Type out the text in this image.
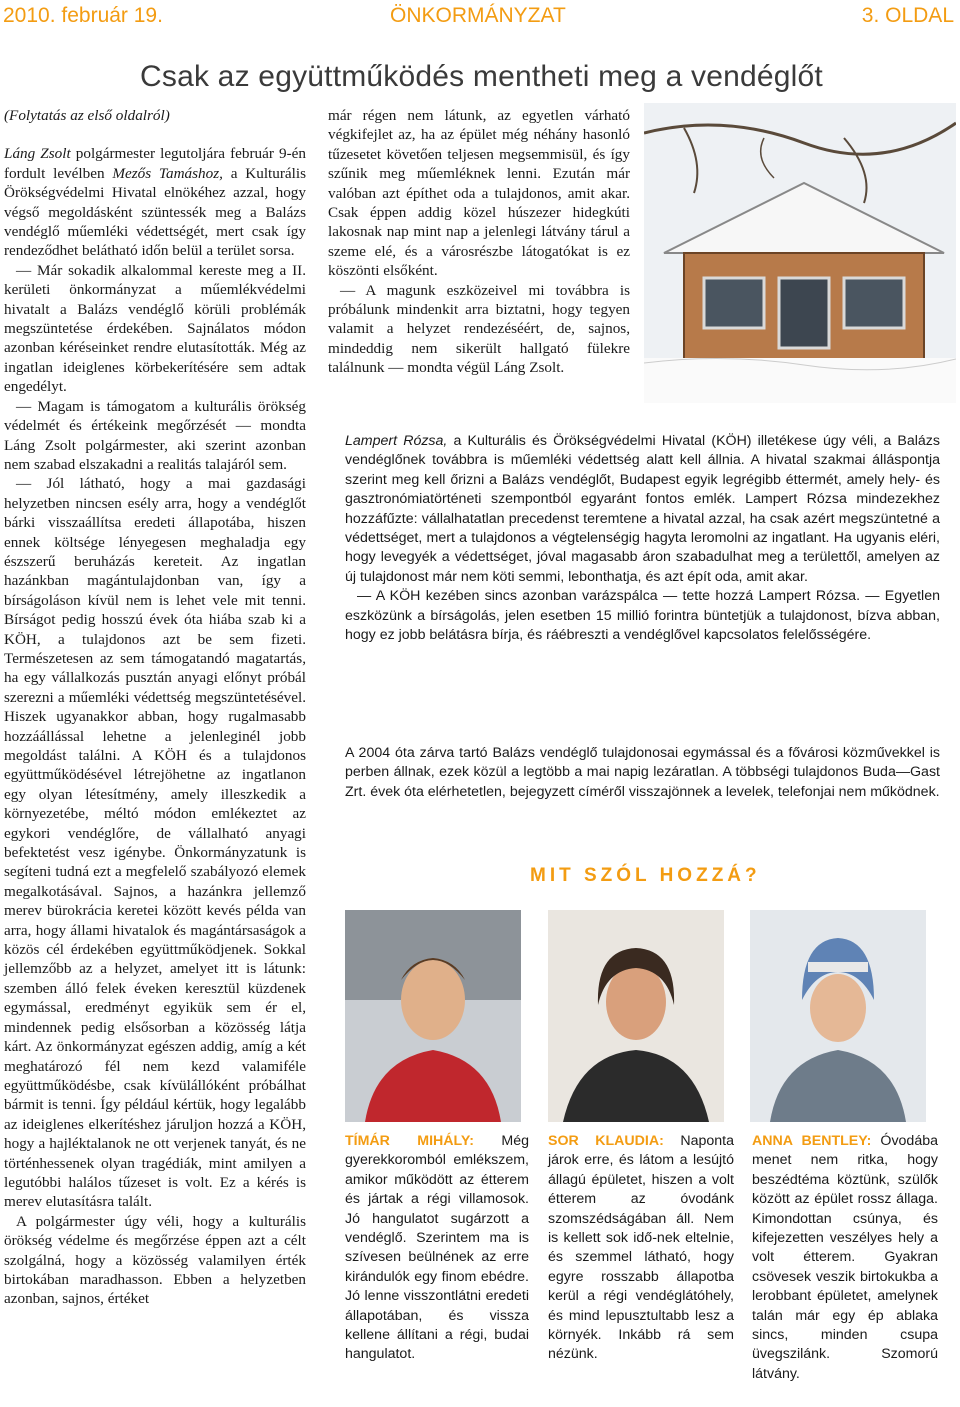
2010. február 19.	ÖNKORMÁNYZAT	3. OLDAL
Csak az együttműködés mentheti meg a vendéglőt

(Folytatás az első oldalról)

Láng Zsolt polgármester legutoljára február 9-én fordult levélben Mezős Tamáshoz, a Kulturális Örökségvédelmi Hivatal elnökéhez azzal, hogy végső megoldásként szüntessék meg a Balázs vendéglő műemléki védettségét, mert csak így rendeződhet belátható időn belül a terület sorsa.

— Már sokadik alkalommal kereste meg a II. kerületi önkormányzat a műemlékvédelmi hivatalt a Balázs vendéglő körüli problémák megszüntetése érdekében. Sajnálatos módon azonban kéréseinket rendre elutasították. Még az ingatlan ideiglenes körbekerítésére sem adtak engedélyt.

— Magam is támogatom a kulturális örökség védelmét és értékeink megőrzését — mondta Láng Zsolt polgármester, aki szerint azonban nem szabad elszakadni a realitás talajáról sem.

— Jól látható, hogy a mai gazdasági helyzetben nincsen esély arra, hogy a vendéglőt bárki visszaállítsa eredeti állapotába, hiszen ennek költsége lényegesen meghaladja egy észszerű beruházás kereteit. Az ingatlan hazánkban magántulajdonban van, így a bírságoláson kívül nem is lehet vele mit tenni. Bírságot pedig hosszú évek óta hiába szab ki a KÖH, a tulajdonos azt be sem fizeti. Természetesen az sem támogatandó magatartás, ha egy vállalkozás pusztán anyagi előnyt próbál szerezni a műemléki védettség megszüntetésével. Hiszek ugyanakkor abban, hogy rugalmasabb hozzáállással lehetne a jelenleginél jobb megoldást találni. A KÖH és a tulajdonos együttműködésével létrejöhetne az ingatlanon egy olyan létesítmény, amely illeszkedik a környezetébe, méltó módon emlékeztet az egykori vendéglőre, de vállalható anyagi befektetést vesz igénybe. Önkormányzatunk is segíteni tudná ezt a megfelelő szabályozó elemek megalkotásával. Sajnos, a hazánkra jellemző merev bürokrácia keretei között kevés példa van arra, hogy állami hivatalok és magántársaságok a közös cél érdekében együttműködjenek. Sokkal jellemzőbb az a helyzet, amelyet itt is látunk: szemben álló felek éveken keresztül küzdenek egymással, eredményt egyikük sem ér el, mindennek pedig elsősorban a közösség látja kárt. Az önkormányzat egészen addig, amíg a két meghatározó fél nem kezd valamiféle együttműködésbe, csak kívülállóként próbálhat bármit is tenni. Így például kértük, hogy legalább az ideiglenes elkerítéshez járuljon hozzá a KÖH, hogy a hajléktalanok ne ott verjenek tanyát, és ne történhessenek olyan tragédiák, mint amilyen a legutóbbi halálos tűzeset is volt. Ez a kérés is merev elutasításra talált.

A polgármester úgy véli, hogy a kulturális örökség védelme és megőrzése éppen azt a célt szolgálná, hogy a közösség valamilyen érték birtokában maradhasson. Ebben a helyzetben azonban, sajnos, értéket

már régen nem látunk, az egyetlen várható végkifejlet az, ha az épület még néhány hasonló tűzesetet követően teljesen megsemmisül, és így szűnik meg műemléknek lenni. Ezután már valóban azt építhet oda a tulajdonos, amit akar. Csak éppen addig közel húszezer hidegkúti lakosnak nap mint nap a jelenlegi látvány tárul a szeme elé, és a városrészbe látogatókat is ez köszönti elsőként.

— A magunk eszközeivel mi továbbra is próbálunk mindenkit arra biztatni, hogy tegyen valamit a helyzet rendezéséért, de, sajnos, mindeddig nem sikerült hallgató fülekre találnunk — mondta végül Láng Zsolt.

Lampert Rózsa, a Kulturális és Örökségvédelmi Hivatal (KÖH) illetékese úgy véli, a Balázs vendéglőnek továbbra is műemléki védettség alatt kell állnia. A hivatal szakmai álláspontja szerint meg kell őrizni a Balázs vendéglőt, Budapest egyik legrégibb éttermét, amely hely- és gasztronómiatörténeti szempontból egyaránt fontos emlék. Lampert Rózsa mindezekhez hozzáfűzte: vállalhatatlan precedenst teremtene a hivatal azzal, ha csak azért megszüntetné a védettséget, mert a tulajdonos a végtelenségig hagyta leromolni az ingatlant. Ha ugyanis eléri, hogy levegyék a védettséget, jóval magasabb áron szabadulhat meg a területtől, amelyen az új tulajdonost már nem köti semmi, lebonthatja, és azt épít oda, amit akar.

— A KÖH kezében sincs azonban varázspálca — tette hozzá Lampert Rózsa. — Egyetlen eszközünk a bírságolás, jelen esetben 15 millió forintra büntetjük a tulajdonost, bízva abban, hogy ez jobb belátásra bírja, és ráébreszti a vendéglővel kapcsolatos felelősségére.

A 2004 óta zárva tartó Balázs vendéglő tulajdonosai egymással és a fővárosi közművekkel is perben állnak, ezek közül a legtöbb a mai napig lezáratlan. A többségi tulajdonos Buda—Gast Zrt. évek óta elérhetetlen, bejegyzett címéről visszajönnek a levelek, telefonjai nem működnek.

MIT SZÓL HOZZÁ?
TÍMÁR MIHÁLY: Még gyerekkoromból emlékszem, amikor működött az étterem és jártak a régi villamosok. Jó hangulatot sugárzott a vendéglő. Szerintem ma is szívesen beülnének az erre kirándulók egy finom ebédre. Jó lenne visszontlátni eredeti állapotában, és vissza kellene állítani a régi, budai hangulatot.
SOR KLAUDIA: Naponta járok erre, és látom a lesújtó állagú épületet, hiszen a volt étterem az óvodánk szomszédságában áll. Nem is kellett sok idő-nek eltelnie, és szemmel látható, hogy egyre rosszabb állapotba kerül a régi vendéglátóhely, és mind lepusztultabb lesz a környék. Inkább rá sem nézünk.
ANNA BENTLEY: Óvodába menet nem ritka, hogy beszédtéma köztünk, szülők között az épület rossz állaga. Kimondottan csúnya, és kifejezetten veszélyes hely a volt étterem. Gyakran csövesek veszik birtokukba a lerobbant épületet, amelynek talán már egy ép ablaka sincs, minden csupa üvegszilánk. Szomorú látvány.
